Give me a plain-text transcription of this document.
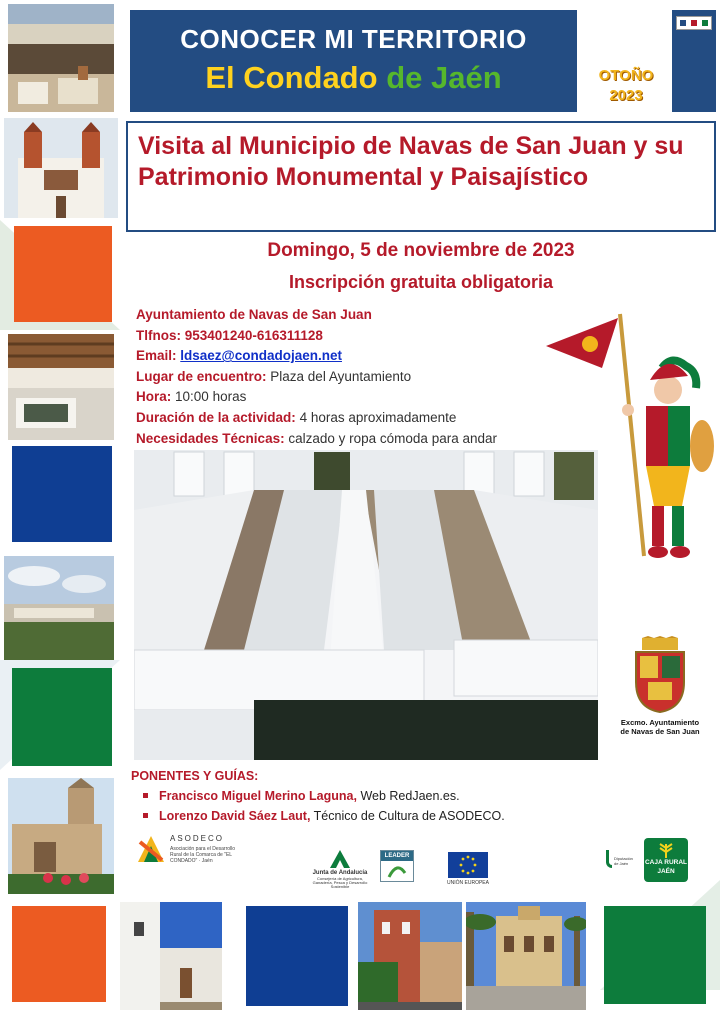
CONOCER MI TERRITORIO
El Condado de Jaén	OTOÑO
2023
Visita al Municipio de Navas de San Juan y su Patrimonio Monumental y Paisajístico
Domingo, 5 de noviembre de 2023
Inscripción gratuita obligatoria
Ayuntamiento de Navas de San Juan
Tlfnos: 953401240-616311128
Email: ldsaez@condadojaen.net
Lugar de encuentro: Plaza del Ayuntamiento
Hora: 10:00 horas
Duración de la actividad: 4 horas aproximadamente
Necesidades Técnicas: calzado y ropa cómoda para andar
Excmo. Ayuntamiento
de Navas de San Juan
PONENTES Y GUÍAS:
Francisco Miguel Merino Laguna, Web RedJaen.es.
Lorenzo David Sáez Laut, Técnico de Cultura de ASODECO.
ASODECO
Asociación para el Desarrollo Rural de la Comarca de "EL CONDADO" · Jaén
Junta de Andalucía
Consejería de Agricultura, Ganadería, Pesca y Desarrollo Sostenible
LEADER
UNIÓN EUROPEA
Diputación de Jaén	CAJA RURAL
JAÉN
